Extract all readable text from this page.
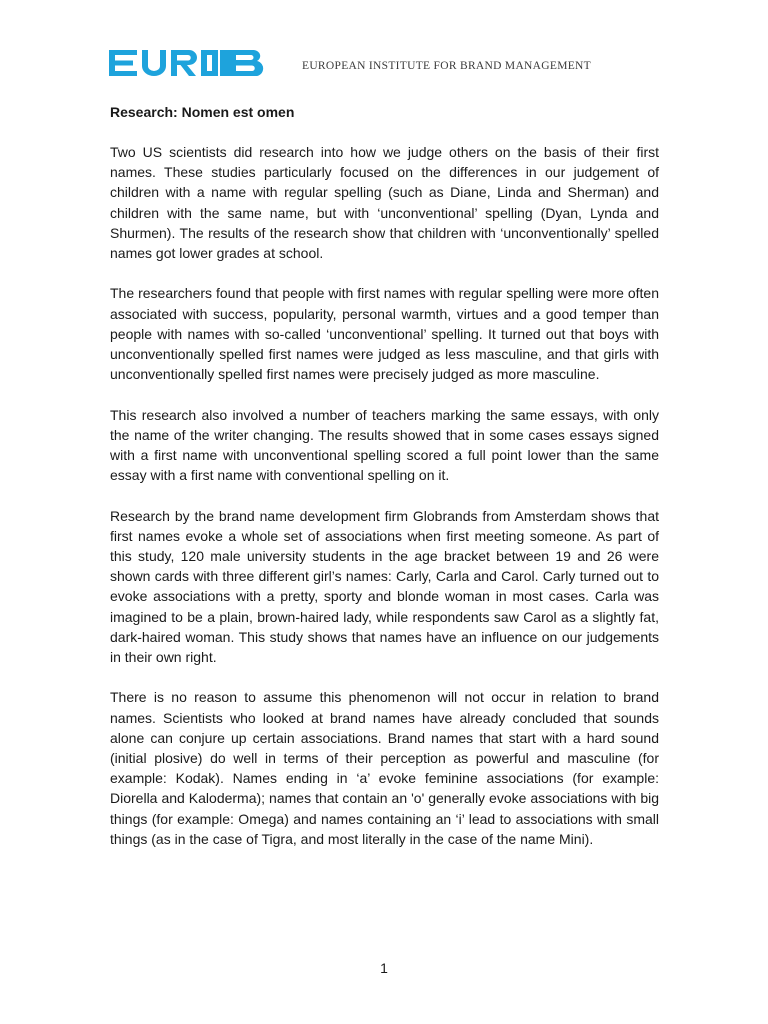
EUROPEAN INSTITUTE FOR BRAND MANAGEMENT
Research: Nomen est omen

Two US scientists did research into how we judge others on the basis of their first names. These studies particularly focused on the differences in our judgement of children with a name with regular spelling (such as Diane, Linda and Sherman) and children with the same name, but with ‘unconventional’ spelling (Dyan, Lynda and Shurmen). The results of the research show that children with ‘unconventionally’ spelled names got lower grades at school.

The researchers found that people with first names with regular spelling were more often associated with success, popularity, personal warmth, virtues and a good temper than people with names with so-called ‘unconventional’ spelling. It turned out that boys with unconventionally spelled first names were judged as less masculine, and that girls with unconventionally spelled first names were precisely judged as more masculine.

This research also involved a number of teachers marking the same essays, with only the name of the writer changing. The results showed that in some cases essays signed with a first name with unconventional spelling scored a full point lower than the same essay with a first name with conventional spelling on it.

Research by the brand name development firm Globrands from Amsterdam shows that first names evoke a whole set of associations when first meeting someone. As part of this study, 120 male university students in the age bracket between 19 and 26 were shown cards with three different girl’s names: Carly, Carla and Carol. Carly turned out to evoke associations with a pretty, sporty and blonde woman in most cases. Carla was imagined to be a plain, brown-haired lady, while respondents saw Carol as a slightly fat, dark-haired woman. This study shows that names have an influence on our judgements in their own right.

There is no reason to assume this phenomenon will not occur in relation to brand names. Scientists who looked at brand names have already concluded that sounds alone can conjure up certain associations. Brand names that start with a hard sound (initial plosive) do well in terms of their perception as powerful and masculine (for example: Kodak). Names ending in ‘a’ evoke feminine associations (for example: Diorella and Kaloderma); names that contain an 'o' generally evoke associations with big things (for example: Omega) and names containing an ‘i’ lead to associations with small things (as in the case of Tigra, and most literally in the case of the name Mini).

1
